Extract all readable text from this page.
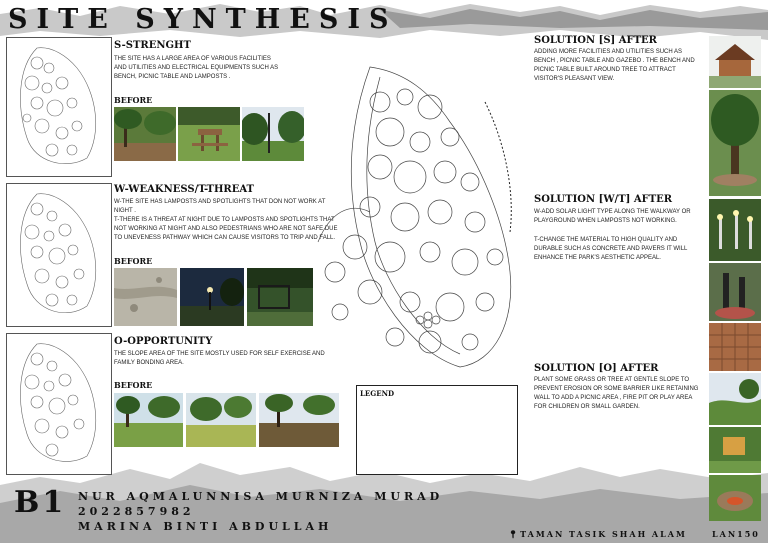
SITE SYNTHESIS
S-STRENGHT
THE SITE HAS A LARGE AREA OF VARIOUS FACILITIES AND UTILITIES AND ELECTRICAL EQUIPMENTS SUCH AS BENCH, PICNIC TABLE AND LAMPOSTS .
BEFORE
W-WEAKNESS/T-THREAT
W-THE SITE HAS LAMPOSTS AND SPOTLIGHTS THAT DON NOT WORK AT NIGHT .
T-THERE IS A THREAT AT NIGHT DUE TO LAMPOSTS AND SPOTLIGHTS THAT NOT WORKING AT NIGHT AND ALSO PEDESTRIANS WHO ARE NOT SAFE DUE TO UNEVENESS PATHWAY WHICH CAN CAUSE VISITORS TO TRIP AND FALL.
BEFORE
O-OPPORTUNITY
THE SLOPE AREA OF THE SITE MOSTLY USED FOR SELF EXERCISE AND FAMILY BONDING AREA.
BEFORE
LEGEND
SOLUTION [S] AFTER
ADDING MORE FACILITIES AND UTILITIES SUCH AS BENCH , PICNIC TABLE AND GAZEBO . THE BENCH AND PICNIC TABLE BUILT AROUND TREE TO ATTRACT VISITOR'S PLEASANT VIEW.
SOLUTION [W/T] AFTER
W-ADD SOLAR LIGHT TYPE ALONG THE WALKWAY OR PLAYGROUND WHEN LAMPOSTS NOT WORKING.
T-CHANGE THE MATERIAL TO HIGH QUALITY AND DURABLE SUCH AS CONCRETE AND PAVERS IT WILL ENHANCE THE PARK'S AESTHETIC APPEAL.
SOLUTION [O] AFTER
PLANT SOME GRASS OR TREE AT GENTLE SLOPE TO PREVENT EROSION OR SOME BARRIER LIKE RETAINING WALL TO ADD A PICNIC AREA , FIRE PIT OR PLAY AREA FOR CHILDREN OR SMALL GARDEN.
B1 NUR AQMALUNNISA MURNIZA MURAD
2022857982
MARINA BINTI ABDULLAH
📍︎TAMAN TASIK SHAH ALAM	LAN150
